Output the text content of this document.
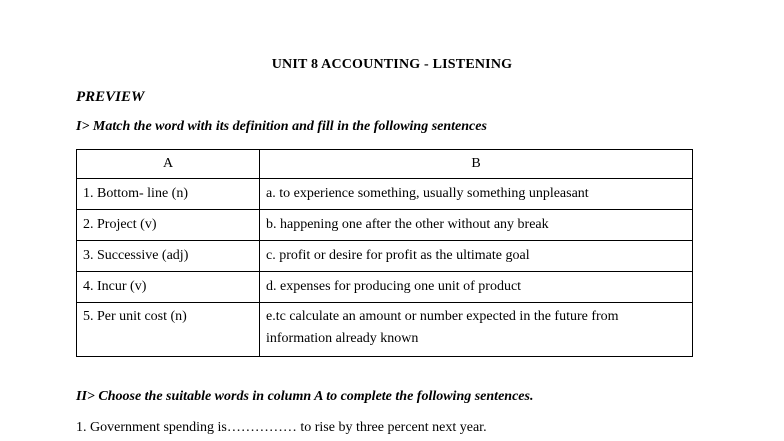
UNIT 8 ACCOUNTING - LISTENING
PREVIEW
I> Match the word with its definition and fill in the following sentences
A	B
1. Bottom- line (n)	a. to experience something, usually something unpleasant
2. Project (v)	b. happening one after the other without any break
3. Successive (adj)	c. profit or desire for profit as the ultimate goal
4. Incur (v)	d. expenses for producing one unit of product
5. Per unit cost (n)	e.tc calculate an amount or number expected in the future from information already known
II> Choose the suitable words in column A to complete the following sentences.
1. Government spending is…………… to rise by three percent next year.
